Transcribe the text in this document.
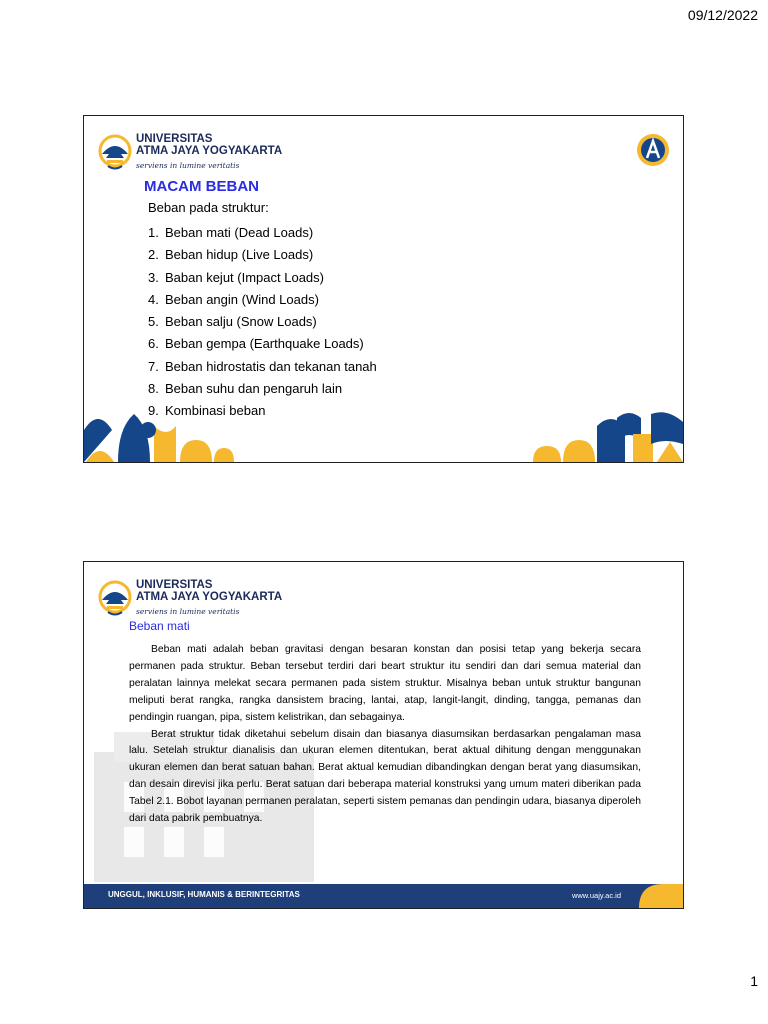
09/12/2022
UNIVERSITAS
ATMA JAYA YOGYAKARTA
serviens in lumine veritatis
MACAM BEBAN
Beban pada struktur:
1. Beban mati (Dead Loads)
2. Beban hidup (Live Loads)
3. Baban kejut (Impact Loads)
4. Beban angin (Wind Loads)
5. Beban salju (Snow Loads)
6. Beban gempa (Earthquake Loads)
7. Beban hidrostatis dan tekanan tanah
8. Beban suhu dan pengaruh lain
9. Kombinasi beban
UNIVERSITAS
ATMA JAYA YOGYAKARTA
serviens in lumine veritatis
Beban mati

Beban mati adalah beban gravitasi dengan besaran konstan dan posisi tetap yang bekerja secara permanen pada struktur. Beban tersebut terdiri dari beart struktur itu sendiri dan dari semua material dan peralatan lainnya melekat secara permanen pada sistem struktur. Misalnya beban untuk struktur bangunan meliputi berat rangka, rangka dansistem bracing, lantai, atap, langit-langit, dinding, tangga, pemanas dan pendingin ruangan, pipa, sistem kelistrikan, dan sebagainya.

Berat struktur tidak diketahui sebelum disain dan biasanya diasumsikan berdasarkan pengalaman masa lalu. Setelah struktur dianalisis dan ukuran elemen ditentukan, berat aktual dihitung dengan menggunakan ukuran elemen dan berat satuan bahan. Berat aktual kemudian dibandingkan dengan berat yang diasumsikan, dan desain direvisi jika perlu. Berat satuan dari beberapa material konstruksi yang umum materi diberikan pada Tabel 2.1. Bobot layanan permanen peralatan, seperti sistem pemanas dan pendingin udara, biasanya diperoleh dari data pabrik pembuatnya.

UNGGUL, INKLUSIF, HUMANIS & BERINTEGRITAS	www.uajy.ac.id
1
